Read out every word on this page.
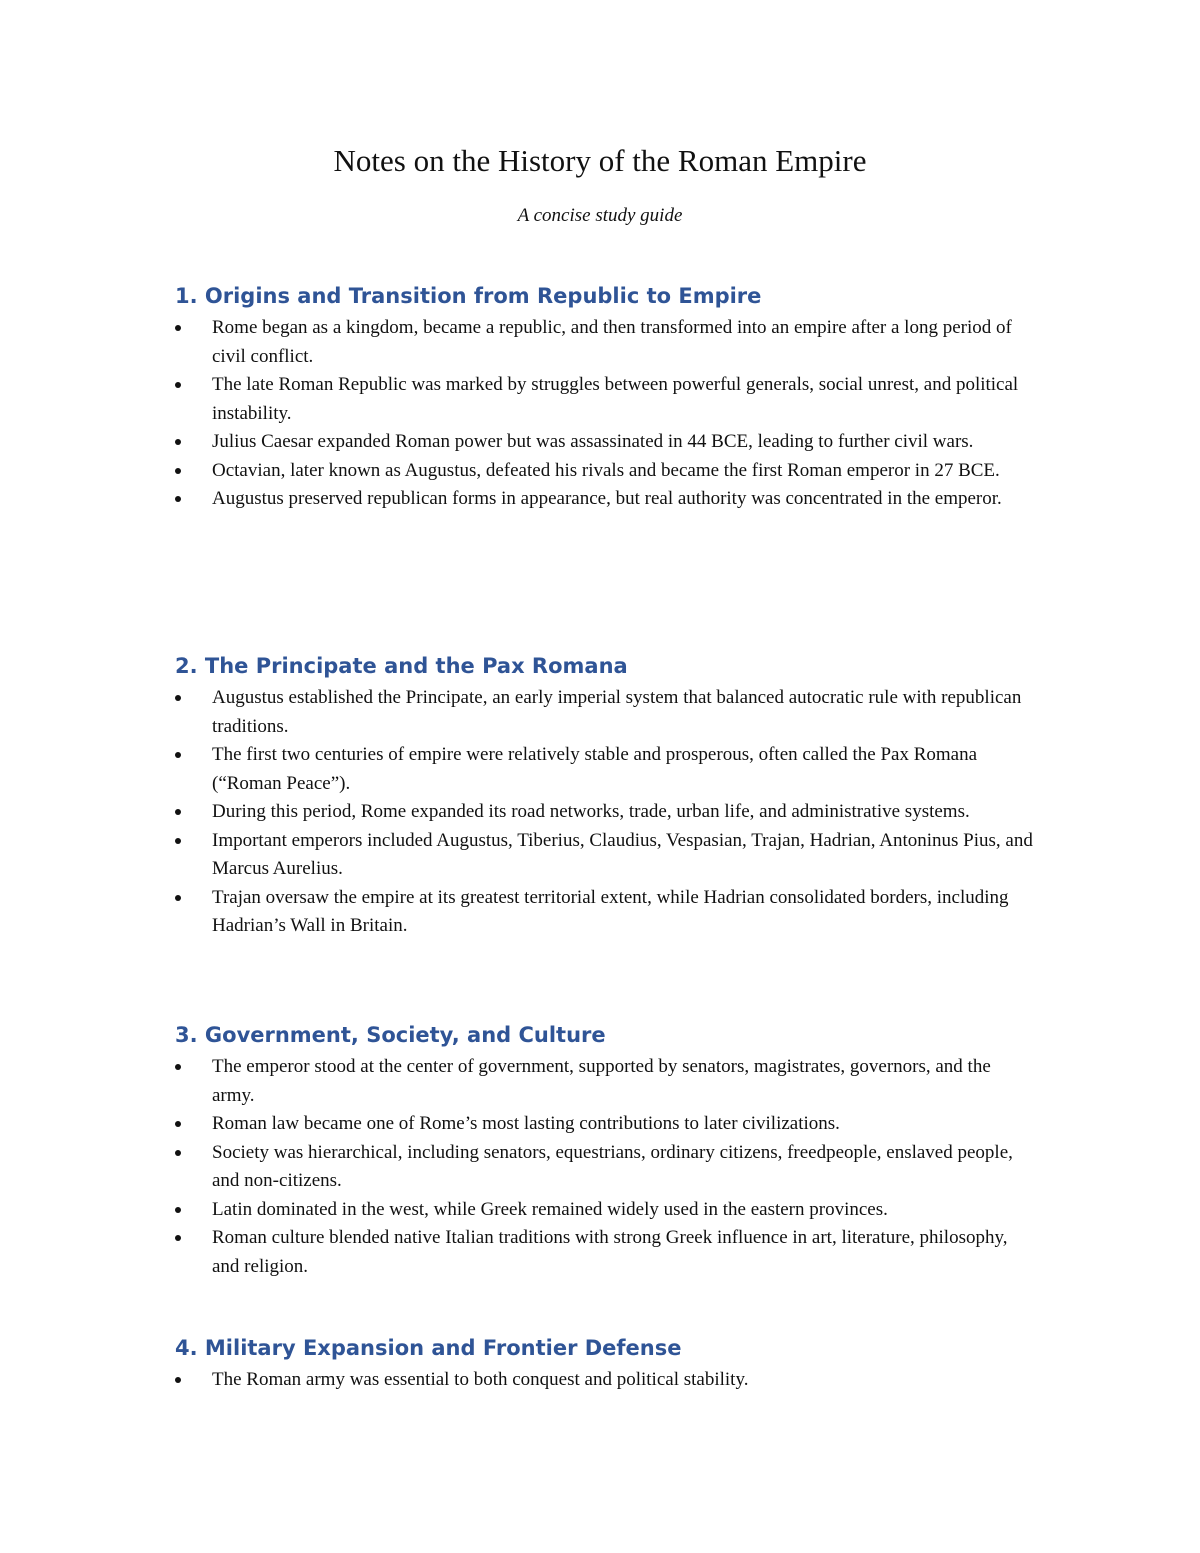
Notes on the History of the Roman Empire

A concise study guide

1. Origins and Transition from Republic to Empire
Rome began as a kingdom, became a republic, and then transformed into an empire after a long period of civil conflict.
The late Roman Republic was marked by struggles between powerful generals, social unrest, and political instability.
Julius Caesar expanded Roman power but was assassinated in 44 BCE, leading to further civil wars.
Octavian, later known as Augustus, defeated his rivals and became the first Roman emperor in 27 BCE.
Augustus preserved republican forms in appearance, but real authority was concentrated in the emperor.
2. The Principate and the Pax Romana
Augustus established the Principate, an early imperial system that balanced autocratic rule with republican traditions.
The first two centuries of empire were relatively stable and prosperous, often called the Pax Romana (“Roman Peace”).
During this period, Rome expanded its road networks, trade, urban life, and administrative systems.
Important emperors included Augustus, Tiberius, Claudius, Vespasian, Trajan, Hadrian, Antoninus Pius, and Marcus Aurelius.
Trajan oversaw the empire at its greatest territorial extent, while Hadrian consolidated borders, including Hadrian’s Wall in Britain.
3. Government, Society, and Culture
The emperor stood at the center of government, supported by senators, magistrates, governors, and the army.
Roman law became one of Rome’s most lasting contributions to later civilizations.
Society was hierarchical, including senators, equestrians, ordinary citizens, freedpeople, enslaved people, and non-citizens.
Latin dominated in the west, while Greek remained widely used in the eastern provinces.
Roman culture blended native Italian traditions with strong Greek influence in art, literature, philosophy, and religion.
4. Military Expansion and Frontier Defense
The Roman army was essential to both conquest and political stability.
